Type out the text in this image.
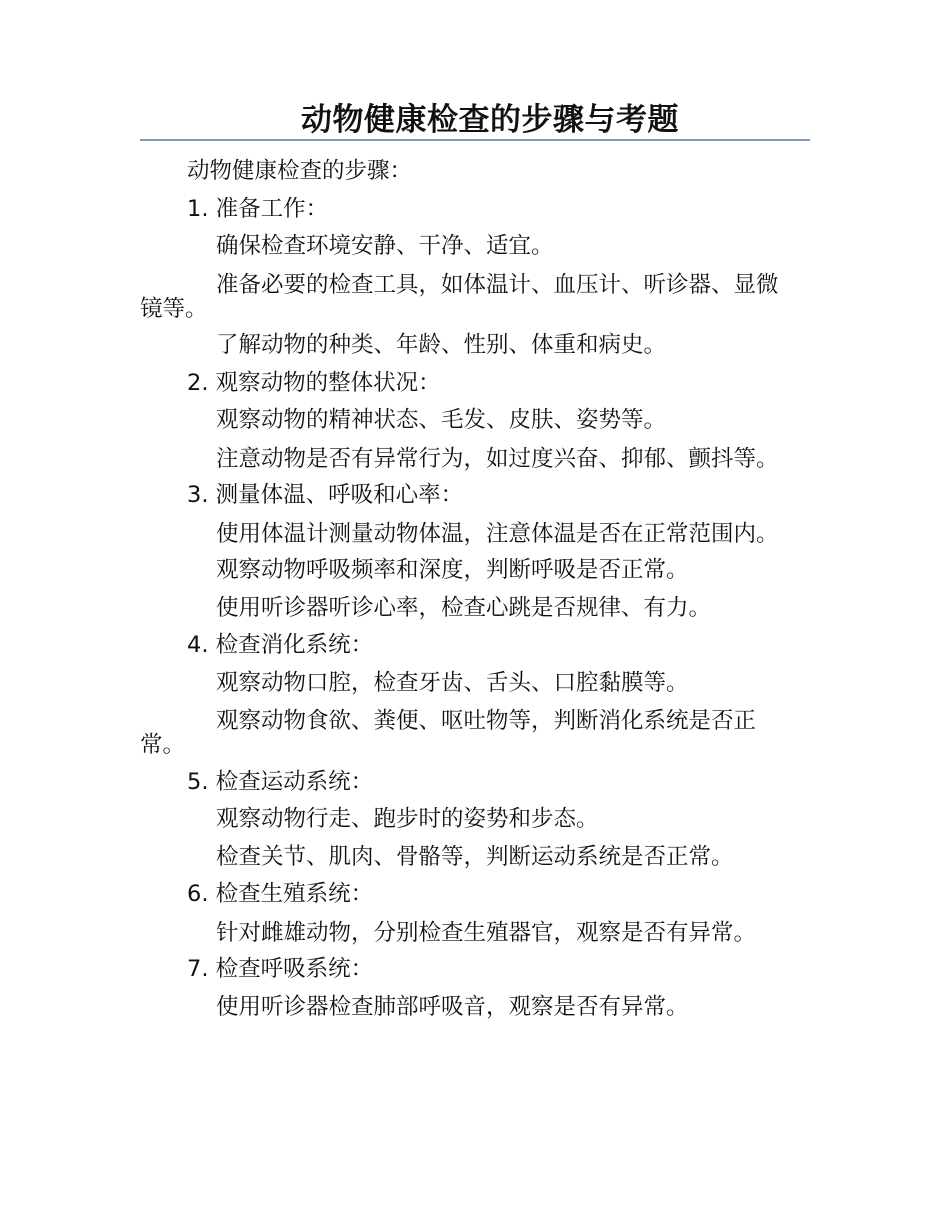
动物健康检查的步骤与考题

动物健康检查的步骤：

1. 准备工作：

确保检查环境安静、干净、适宜。

准备必要的检查工具，如体温计、血压计、听诊器、显微镜等。

了解动物的种类、年龄、性别、体重和病史。

2. 观察动物的整体状况：

观察动物的精神状态、毛发、皮肤、姿势等。

注意动物是否有异常行为，如过度兴奋、抑郁、颤抖等。

3. 测量体温、呼吸和心率：

使用体温计测量动物体温，注意体温是否在正常范围内。

观察动物呼吸频率和深度，判断呼吸是否正常。

使用听诊器听诊心率，检查心跳是否规律、有力。

4. 检查消化系统：

观察动物口腔，检查牙齿、舌头、口腔黏膜等。

观察动物食欲、粪便、呕吐物等，判断消化系统是否正常。

5. 检查运动系统：

观察动物行走、跑步时的姿势和步态。

检查关节、肌肉、骨骼等，判断运动系统是否正常。

6. 检查生殖系统：

针对雌雄动物，分别检查生殖器官，观察是否有异常。

7. 检查呼吸系统：

使用听诊器检查肺部呼吸音，观察是否有异常。
